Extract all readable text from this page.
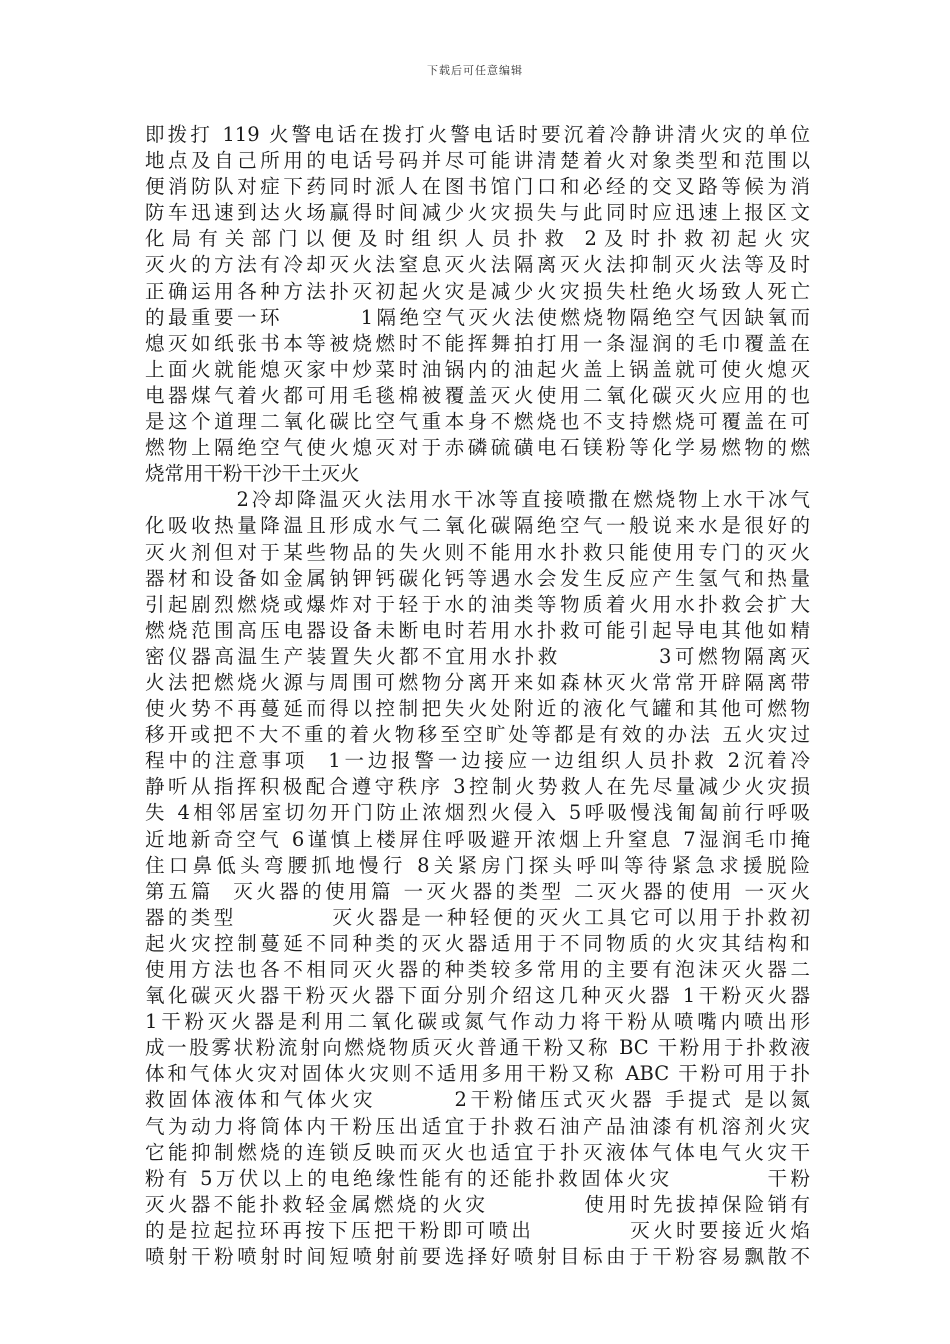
下载后可任意编辑
即拨打 119 火警电话在拨打火警电话时要沉着冷静讲清火灾的单位
地点及自己所用的电话号码并尽可能讲清楚着火对象类型和范围以
便消防队对症下药同时派人在图书馆门口和必经的交叉路等候为消
防车迅速到达火场赢得时间减少火灾损失与此同时应迅速上报区文
化局有关部门以便及时组织人员扑救 2及时扑救初起火灾
灭火的方法有冷却灭火法窒息灭火法隔离灭火法抑制灭火法等及时
正确运用各种方法扑灭初起火灾是减少火灾损失杜绝火场致人死亡
的最重要一环        1隔绝空气灭火法使燃烧物隔绝空气因缺氧而
熄灭如纸张书本等被烧燃时不能挥舞拍打用一条湿润的毛巾覆盖在
上面火就能熄灭家中炒菜时油锅内的油起火盖上锅盖就可使火熄灭
电器煤气着火都可用毛毯棉被覆盖灭火使用二氧化碳灭火应用的也
是这个道理二氧化碳比空气重本身不燃烧也不支持燃烧可覆盖在可
燃物上隔绝空气使火熄灭对于赤磷硫磺电石镁粉等化学易燃物的燃
烧常用干粉干沙干土灭火
2冷却降温灭火法用水干冰等直接喷撒在燃烧物上水干冰气
化吸收热量降温且形成水气二氧化碳隔绝空气一般说来水是很好的
灭火剂但对于某些物品的失火则不能用水扑救只能使用专门的灭火
器材和设备如金属钠钾钙碳化钙等遇水会发生反应产生氢气和热量
引起剧烈燃烧或爆炸对于轻于水的油类等物质着火用水扑救会扩大
燃烧范围高压电器设备未断电时若用水扑救可能引起导电其他如精
密仪器高温生产装置失火都不宜用水扑救          3可燃物隔离灭
火法把燃烧火源与周围可燃物分离开来如森林灭火常常开辟隔离带
使火势不再蔓延而得以控制把失火处附近的液化气罐和其他可燃物
移开或把不大不重的着火物移至空旷处等都是有效的办法 五火灾过
程中的注意事项  1一边报警一边接应一边组织人员扑救 2沉着冷
静听从指挥积极配合遵守秩序 3控制火势救人在先尽量减少火灾损
失 4相邻居室切勿开门防止浓烟烈火侵入 5呼吸慢浅匍匐前行呼吸
近地新奇空气 6谨慎上楼屏住呼吸避开浓烟上升窒息 7湿润毛巾掩
住口鼻低头弯腰抓地慢行 8关紧房门探头呼叫等待紧急求援脱险
第五篇  灭火器的使用篇 一灭火器的类型 二灭火器的使用 一灭火
器的类型          灭火器是一种轻便的灭火工具它可以用于扑救初
起火灾控制蔓延不同种类的灭火器适用于不同物质的火灾其结构和
使用方法也各不相同灭火器的种类较多常用的主要有泡沫灭火器二
氧化碳灭火器干粉灭火器下面分别介绍这几种灭火器 1干粉灭火器
1干粉灭火器是利用二氧化碳或氮气作动力将干粉从喷嘴内喷出形
成一股雾状粉流射向燃烧物质灭火普通干粉又称 BC 干粉用于扑救液
体和气体火灾对固体火灾则不适用多用干粉又称 ABC 干粉可用于扑
救固体液体和气体火灾        2干粉储压式灭火器 手提式 是以氮
气为动力将筒体内干粉压出适宜于扑救石油产品油漆有机溶剂火灾
它能抑制燃烧的连锁反映而灭火也适宜于扑灭液体气体电气火灾干
粉有 5万伏以上的电绝缘性能有的还能扑救固体火灾          干粉
灭火器不能扑救轻金属燃烧的火灾          使用时先拔掉保险销有
的是拉起拉环再按下压把干粉即可喷出          灭火时要接近火焰
喷射干粉喷射时间短喷射前要选择好喷射目标由于干粉容易飘散不
